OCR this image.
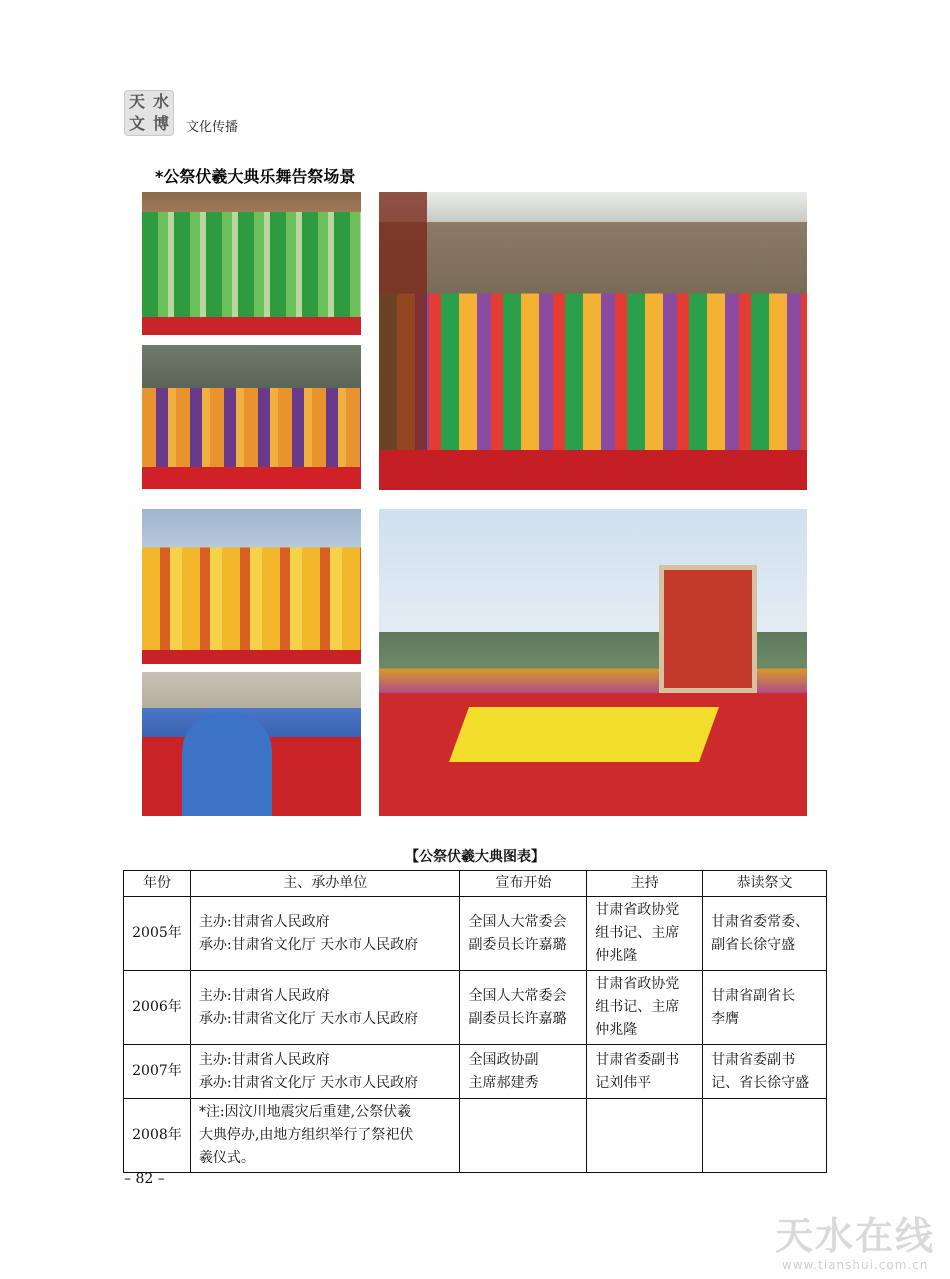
天 水
文 博	文化传播
*公祭伏羲大典乐舞告祭场景
【公祭伏羲大典图表】
年份	主、承办单位	宣布开始	主持	恭读祭文
2005年	主办:甘肃省人民政府
承办:甘肃省文化厅 天水市人民政府	全国人大常委会
副委员长许嘉璐	甘肃省政协党
组书记、主席
仲兆隆	甘肃省委常委、
副省长徐守盛

2006年	主办:甘肃省人民政府
承办:甘肃省文化厅 天水市人民政府	全国人大常委会
副委员长许嘉璐	甘肃省政协党
组书记、主席
仲兆隆	甘肃省副省长
李膺

2007年	主办:甘肃省人民政府
承办:甘肃省文化厅 天水市人民政府	全国政协副
主席郝建秀	甘肃省委副书
记刘伟平	甘肃省委副书
记、省长徐守盛

2008年	*注:因汶川地震灾后重建,公祭伏羲
大典停办,由地方组织举行了祭祀伏
羲仪式。			

– 82 –
天水在线
www.tianshui.com.cn
